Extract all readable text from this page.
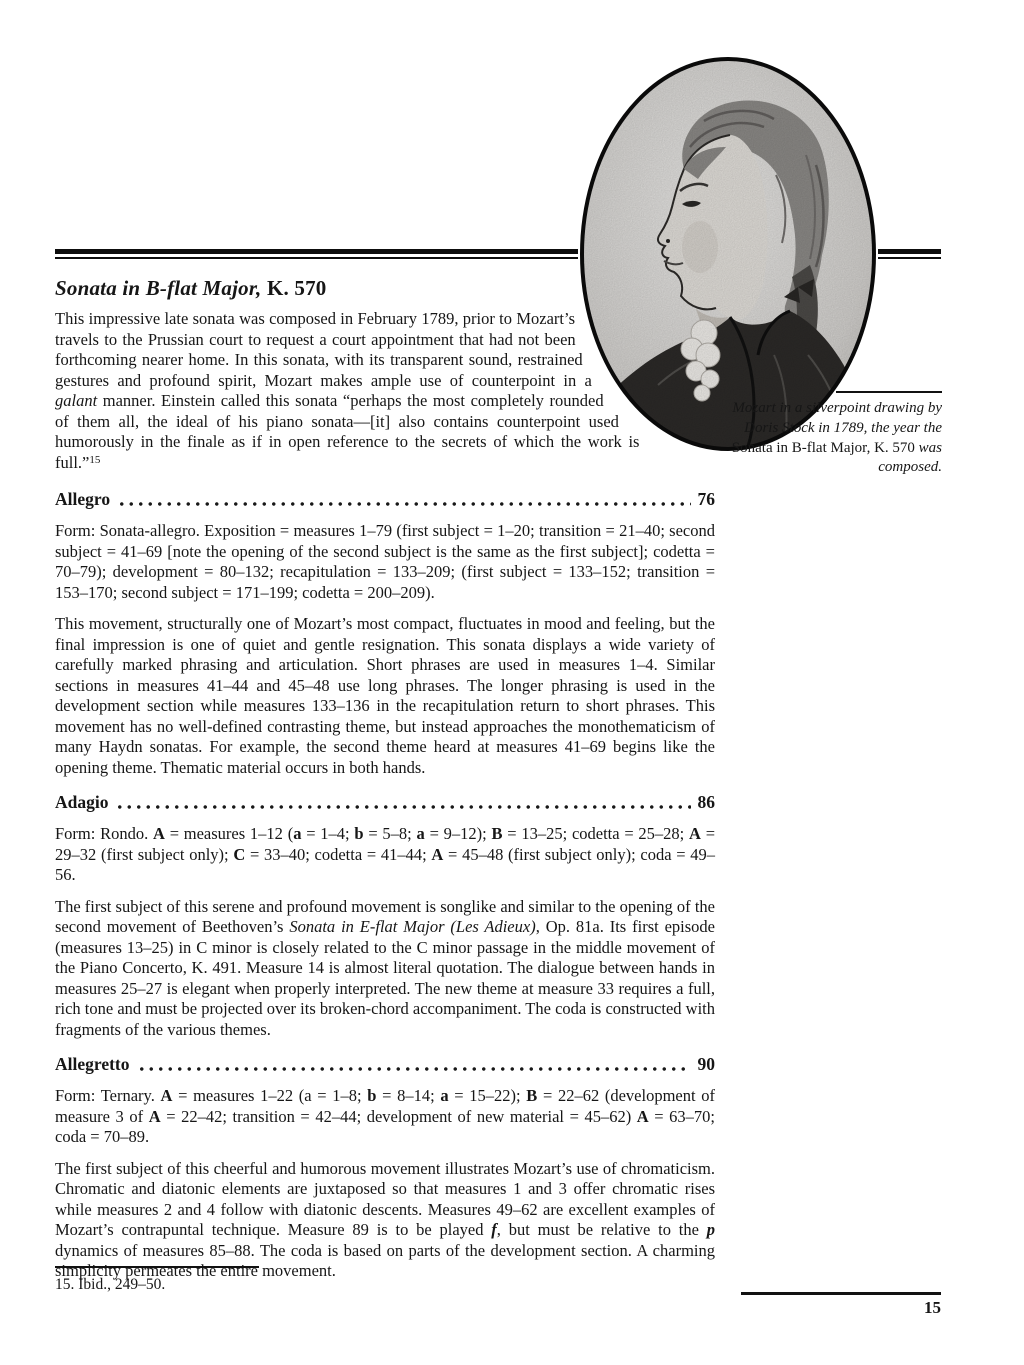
Mozart in a silverpoint drawing by Doris Stock in 1789, the year the Sonata in B-flat Major, K. 570 was composed.
Sonata in B-flat Major, K. 570
This impressive late sonata was composed in February 1789, prior to Mozart’s travels to the Prussian court to request a court appointment that had not been forthcoming nearer home. In this sonata, with its transparent sound, restrained gestures and profound spirit, Mozart makes ample use of counterpoint in a galant manner. Einstein called this sonata “perhaps the most completely rounded of them all, the ideal of his piano sonata—[it] also contains counterpoint used humorously in the finale as if in open reference to the secrets of which the work is full.”$^{15}$
Allegro	76
Form: Sonata-allegro. Exposition = measures 1–79 (first subject = 1–20; transition = 21–40; second subject = 41–69 [note the opening of the second subject is the same as the first subject]; codetta = 70–79); development = 80–132; recapitulation = 133–209; (first subject = 133–152; transition = 153–170; second subject = 171–199; codetta = 200–209).
This movement, structurally one of Mozart’s most compact, fluctuates in mood and feeling, but the final impression is one of quiet and gentle resignation. This sonata displays a wide variety of carefully marked phrasing and articulation. Short phrases are used in measures 1–4. Similar sections in measures 41–44 and 45–48 use long phrases. The longer phrasing is used in the development section while measures 133–136 in the recapitulation return to short phrases. This movement has no well-defined contrasting theme, but instead approaches the monothematicism of many Haydn sonatas. For example, the second theme heard at measures 41–69 begins like the opening theme. Thematic material occurs in both hands.
Adagio	86
Form: Rondo. A = measures 1–12 (a = 1–4; b = 5–8; a = 9–12); B = 13–25; codetta = 25–28; A = 29–32 (first subject only); C = 33–40; codetta = 41–44; A = 45–48 (first subject only); coda = 49–56.
The first subject of this serene and profound movement is songlike and similar to the opening of the second movement of Beethoven’s Sonata in E-flat Major (Les Adieux), Op. 81a. Its first episode (measures 13–25) in C minor is closely related to the C minor passage in the middle movement of the Piano Concerto, K. 491. Measure 14 is almost literal quotation. The dialogue between hands in measures 25–27 is elegant when properly interpreted. The new theme at measure 33 requires a full, rich tone and must be projected over its broken-chord accompaniment. The coda is constructed with fragments of the various themes.
Allegretto	90
Form: Ternary. A = measures 1–22 (a = 1–8; b = 8–14; a = 15–22); B = 22–62 (development of measure 3 of A = 22–42; transition = 42–44; development of new material = 45–62) A = 63–70; coda = 70–89.
The first subject of this cheerful and humorous movement illustrates Mozart’s use of chromaticism. Chromatic and diatonic elements are juxtaposed so that measures 1 and 3 offer chromatic rises while measures 2 and 4 follow with diatonic descents. Measures 49–62 are excellent examples of Mozart’s contrapuntal technique. Measure 89 is to be played f, but must be relative to the p dynamics of measures 85–88. The coda is based on parts of the development section. A charming simplicity permeates the entire movement.
15. Ibid., 249–50.
15
